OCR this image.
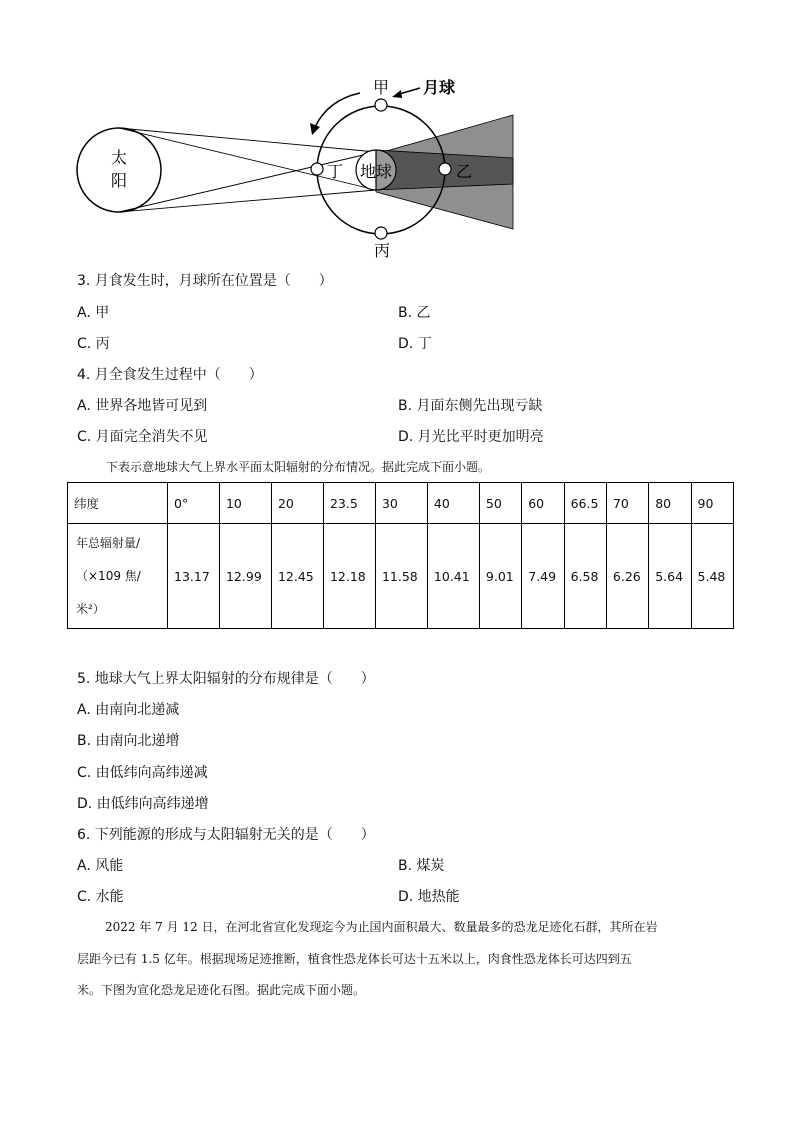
太
阳	地球
甲
乙
丙
丁
月球
3. 月食发生时，月球所在位置是（　　）
A. 甲	B. 乙
C. 丙	D. 丁
4. 月全食发生过程中（　　）
A. 世界各地皆可见到	B. 月面东侧先出现亏缺
C. 月面完全消失不见	D. 月光比平时更加明亮
下表示意地球大气上界水平面太阳辐射的分布情况。据此完成下面小题。
纬度	0°	10	20	23.5	30	40	50	60	66.5	70	80	90

年总辐射量/
（×109 焦/
米²）	13.17	12.99	12.45	12.18	11.58	10.41	9.01	7.49	6.58	6.26	5.64	5.48
5. 地球大气上界太阳辐射的分布规律是（　　）
A. 由南向北递减
B. 由南向北递增
C. 由低纬向高纬递减
D. 由低纬向高纬递增
6. 下列能源的形成与太阳辐射无关的是（　　）
A. 风能	B. 煤炭
C. 水能	D. 地热能
2022 年 7 月 12 日，在河北省宣化发现迄今为止国内面积最大、数量最多的恐龙足迹化石群，其所在岩
层距今已有 1.5 亿年。根据现场足迹推断，植食性恐龙体长可达十五米以上，肉食性恐龙体长可达四到五
米。下图为宣化恐龙足迹化石图。据此完成下面小题。
